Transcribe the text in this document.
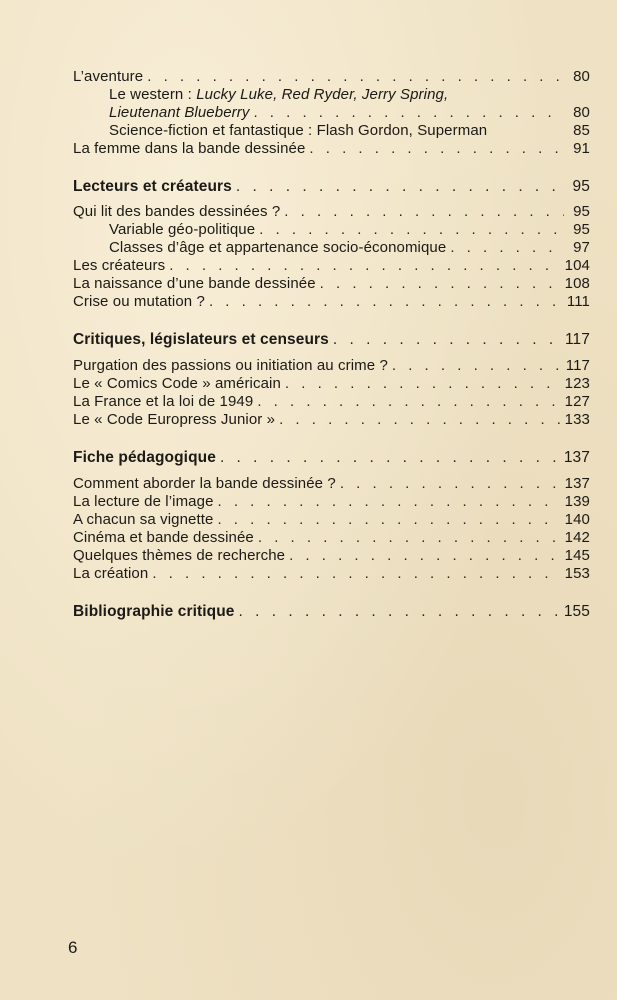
L’aventure . . .	80
Le western : Lucky Luke, Red Ryder, Jerry Spring,
Lieutenant Blueberry . . .	80
Science-fiction et fantastique : Flash Gordon, Superman	85
La femme dans la bande dessinée . . .	91
Lecteurs et créateurs . . .	95
Qui lit des bandes dessinées ? . . .	95
Variable géo-politique . . .	95
Classes d’âge et appartenance socio-économique . . .	97
Les créateurs . . .	104
La naissance d’une bande dessinée . . .	108
Crise ou mutation ? . . .	111
Critiques, législateurs et censeurs . . .	117
Purgation des passions ou initiation au crime ? . . .	117
Le « Comics Code » américain . . .	123
La France et la loi de 1949 . . .	127
Le « Code Europress Junior » . . .	133
Fiche pédagogique . . .	137
Comment aborder la bande dessinée ? . . .	137
La lecture de l’image . . .	139
A chacun sa vignette . . .	140
Cinéma et bande dessinée . . .	142
Quelques thèmes de recherche . . .	145
La création . . .	153
Bibliographie critique . . .	155
6
